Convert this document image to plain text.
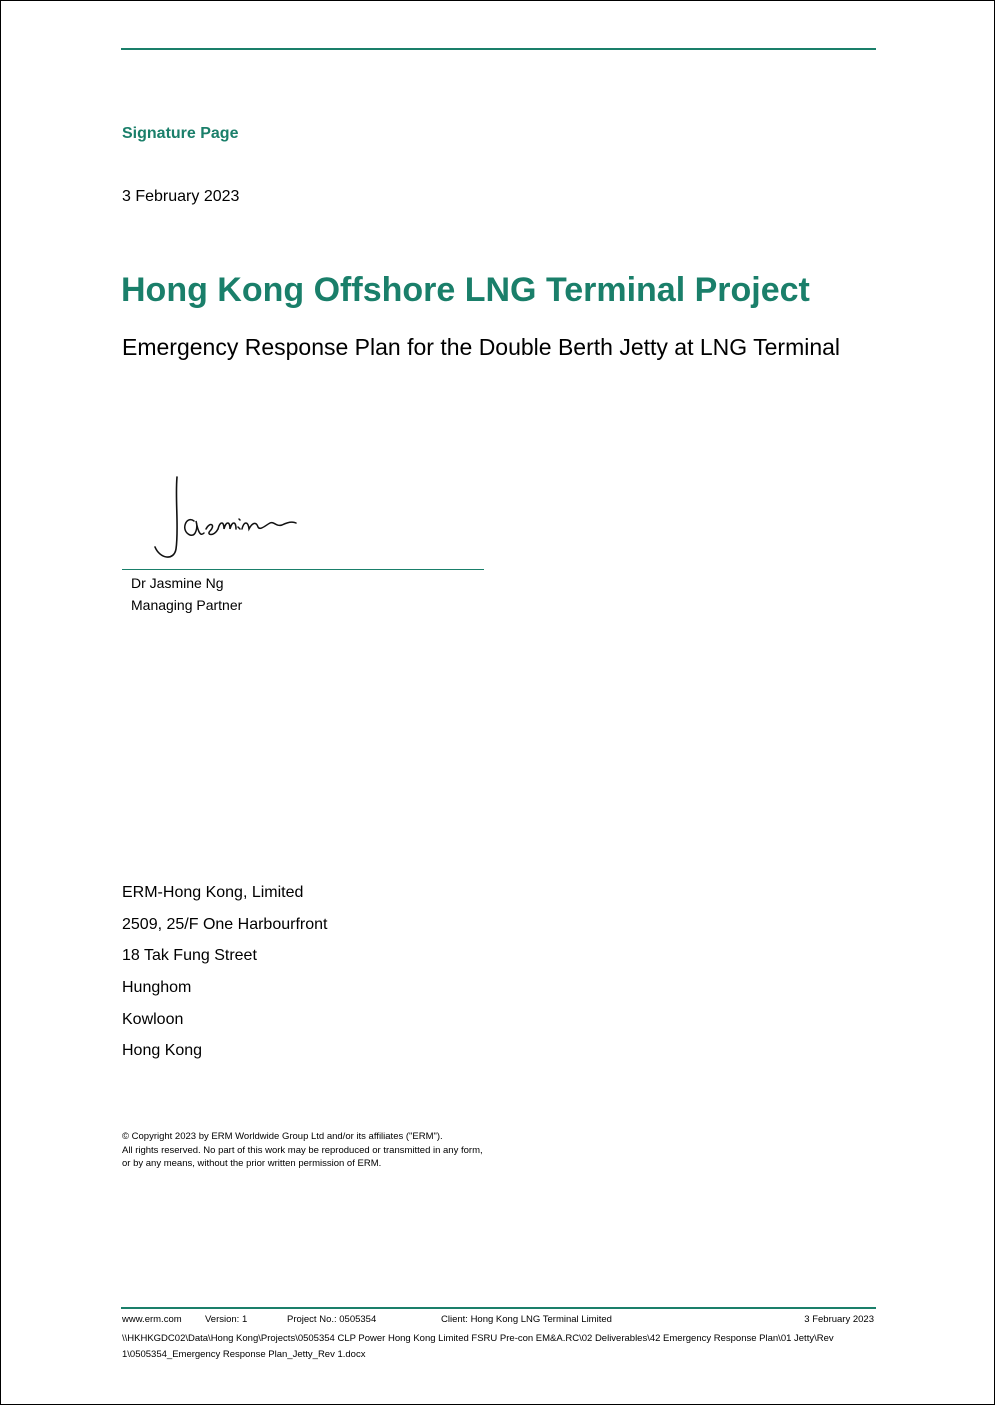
Signature Page
3 February 2023
Hong Kong Offshore LNG Terminal Project
Emergency Response Plan for the Double Berth Jetty at LNG Terminal
Dr Jasmine Ng
Managing Partner
ERM-Hong Kong, Limited
2509, 25/F One Harbourfront
18 Tak Fung Street
Hunghom
Kowloon
Hong Kong
© Copyright 2023 by ERM Worldwide Group Ltd and/or its affiliates ("ERM").
All rights reserved. No part of this work may be reproduced or transmitted in any form,
or by any means, without the prior written permission of ERM.
www.erm.com Version: 1	Project No.: 0505354	Client: Hong Kong LNG Terminal Limited	3 February 2023
\\HKHKGDC02\Data\Hong Kong\Projects\0505354 CLP Power Hong Kong Limited FSRU Pre-con EM&A.RC\02 Deliverables\42 Emergency Response Plan\01 Jetty\Rev 1\0505354_Emergency Response Plan_Jetty_Rev 1.docx
